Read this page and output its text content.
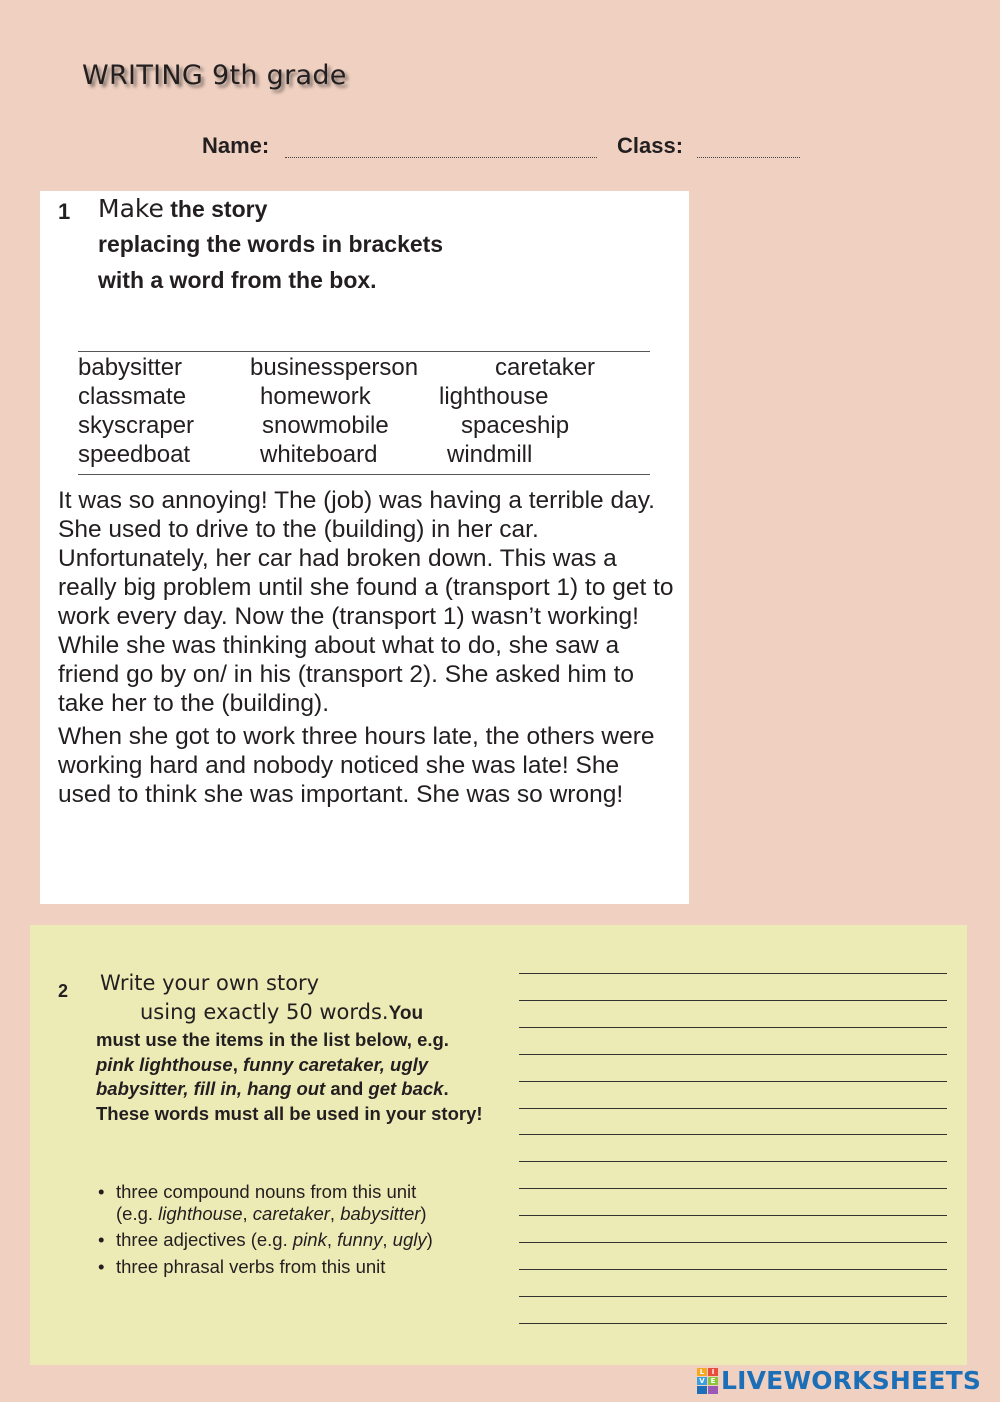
WRITING 9th grade
Name:	Class:
1 Make the story
replacing the words in brackets
with a word from the box.
babysitter	businessperson	caretaker
classmate	homework	lighthouse
skyscraper	snowmobile	spaceship
speedboat	whiteboard	windmill

It was so annoying! The (job) was having a terrible day. She used to drive to the (building) in her car. Unfortunately, her car had broken down. This was a really big problem until she found a (transport 1) to get to work every day. Now the (transport 1) wasn’t working! While she was thinking about what to do, she saw a friend go by on/ in his (transport 2). She asked him to take her to the (building).

When she got to work three hours late, the others were working hard and nobody noticed she was late! She used to think she was important. She was so wrong!

2 Write your own story
using exactly 50 words.You
must use the items in the list below, e.g. pink lighthouse, funny caretaker, ugly babysitter, fill in, hang out and get back. These words must all be used in your story!
• three compound nouns from this unit
(e.g. lighthouse, caretaker, babysitter)
• three adjectives (e.g. pink, funny, ugly)
• three phrasal verbs from this unit
L	I
V E LIVEWORKSHEETS
